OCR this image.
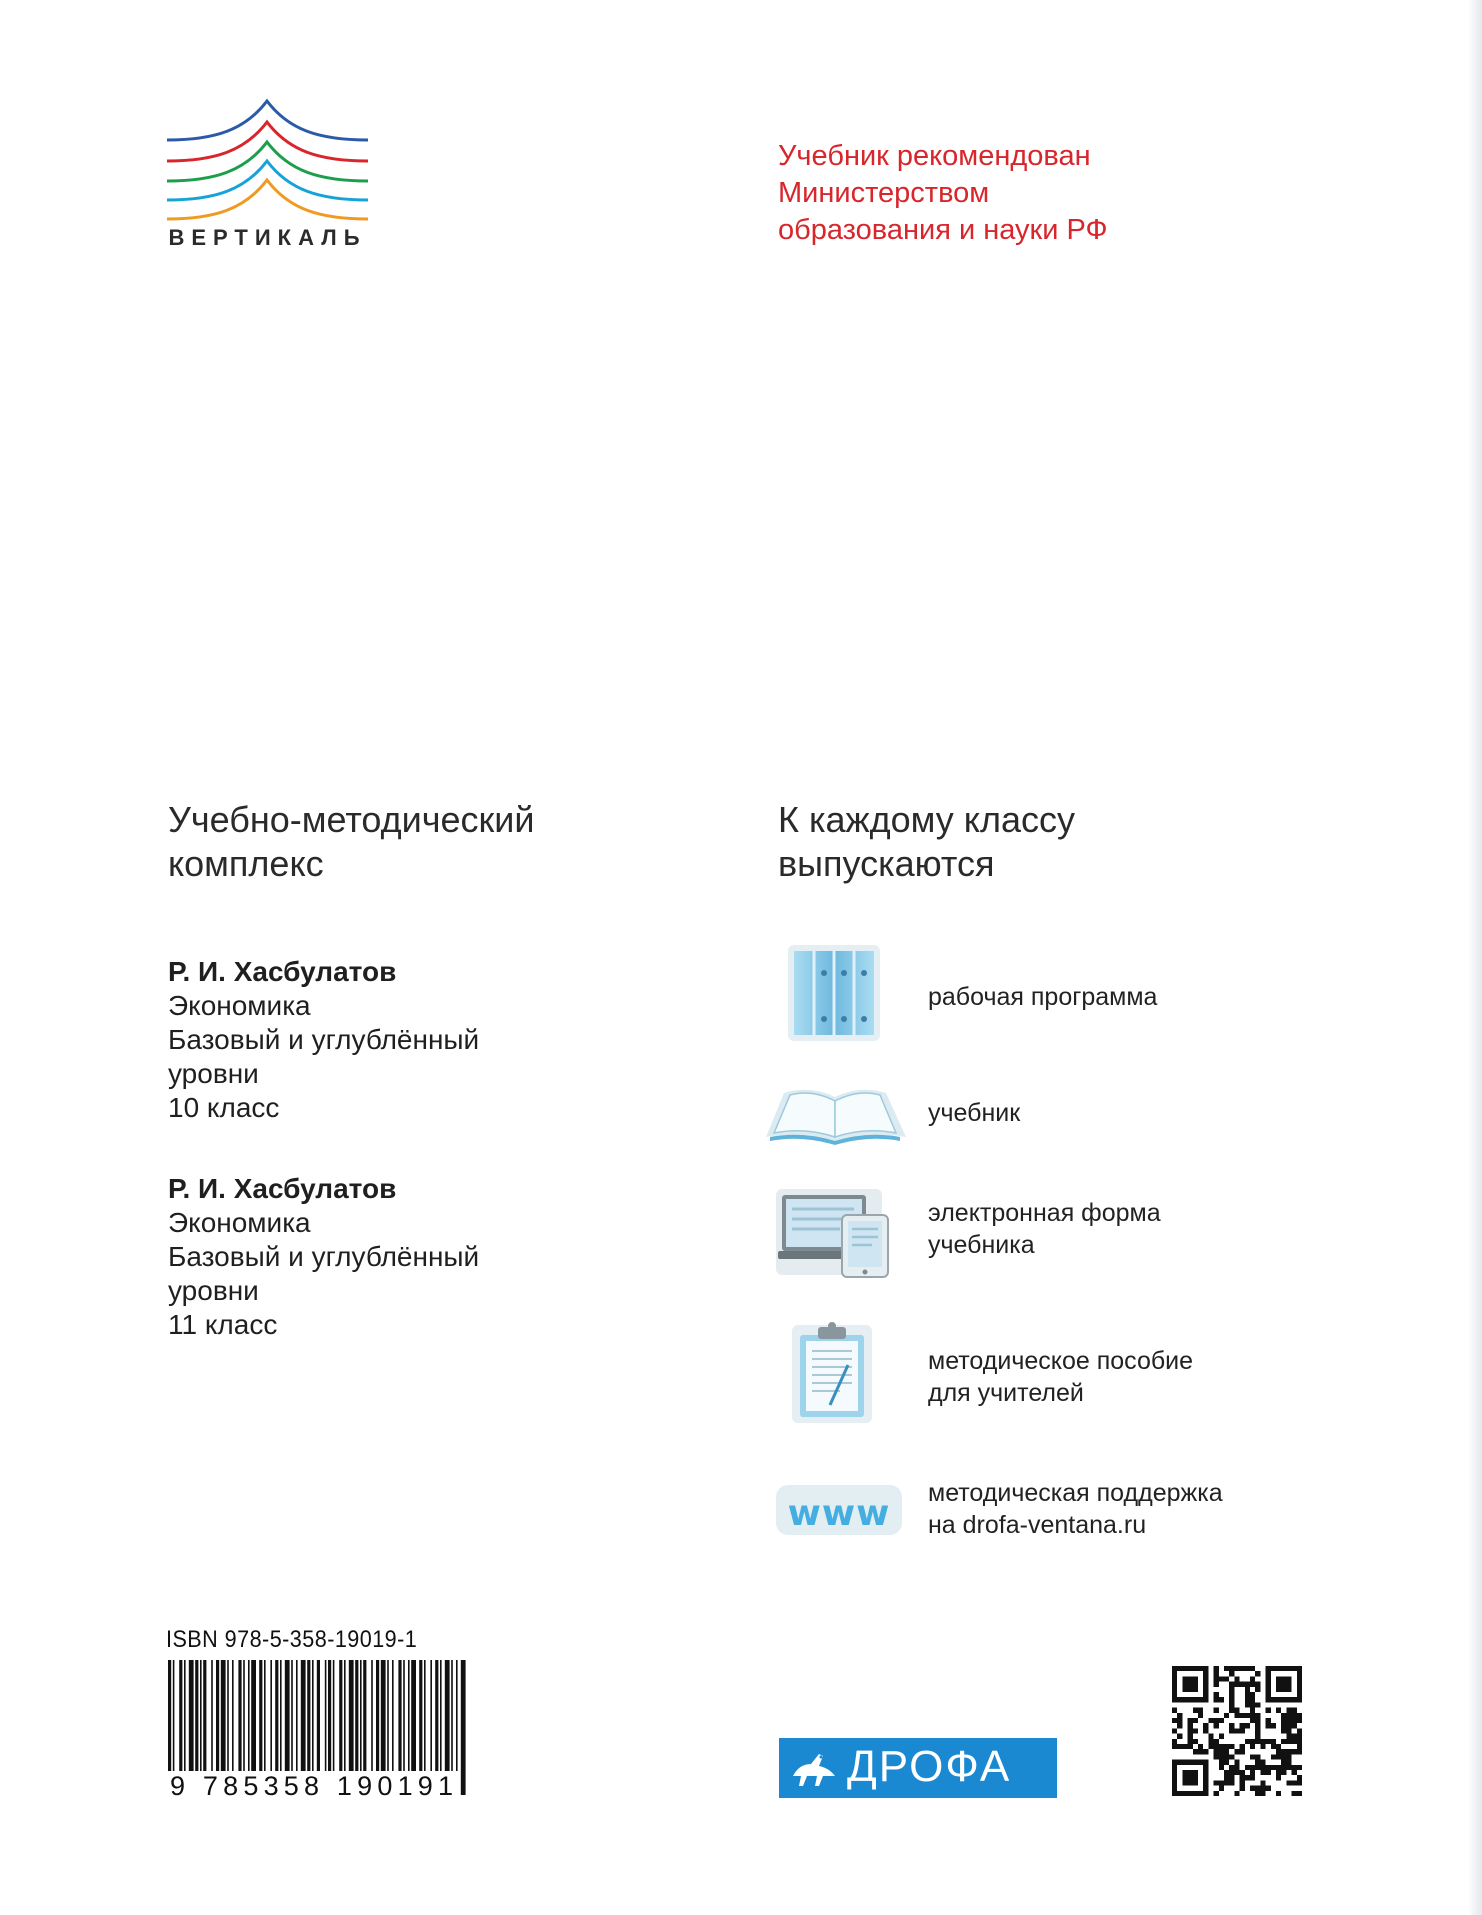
ВЕРТИКАЛЬ
Учебник рекомендован
Министерством
образования и науки РФ
Учебно-методический
комплекс
К каждому классу
выпускаются
Р. И. Хасбулатов
Экономика
Базовый и углублённый
уровни
10 класс
Р. И. Хасбулатов
Экономика
Базовый и углублённый
уровни
11 класс
рабочая программа
учебник
электронная форма
учебника
методическое пособие
для учителей
www методическая поддержка
на drofa-ventana.ru
ISBN 978-5-358-19019-1
9 785358 190191	ДРОФА
